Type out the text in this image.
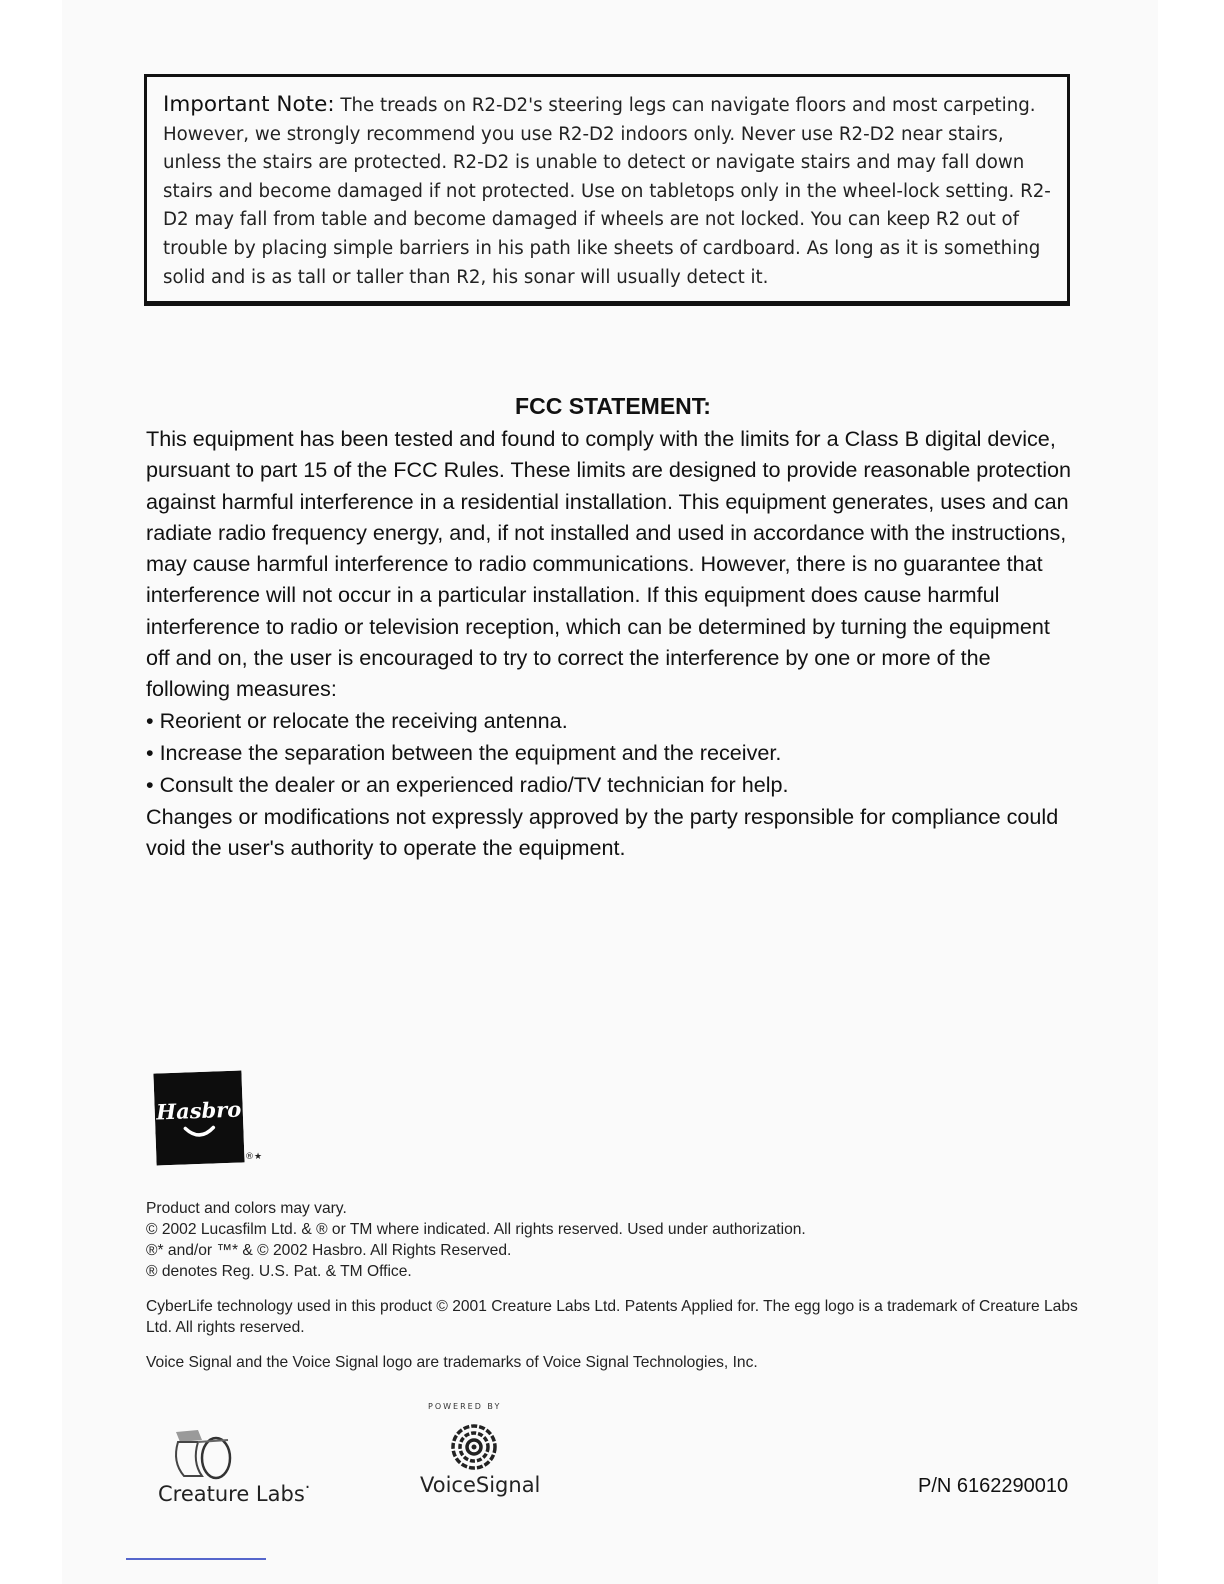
Important Note: The treads on R2-D2's steering legs can navigate floors and most carpeting. However, we strongly recommend you use R2-D2 indoors only. Never use R2-D2 near stairs, unless the stairs are protected. R2-D2 is unable to detect or navigate stairs and may fall down stairs and become damaged if not protected. Use on tabletops only in the wheel-lock setting. R2-D2 may fall from table and become damaged if wheels are not locked. You can keep R2 out of trouble by placing simple barriers in his path like sheets of cardboard. As long as it is something solid and is as tall or taller than R2, his sonar will usually detect it.
FCC STATEMENT:

This equipment has been tested and found to comply with the limits for a Class B digital device, pursuant to part 15 of the FCC Rules. These limits are designed to provide reasonable protection against harmful interference in a residential installation. This equipment generates, uses and can radiate radio frequency energy, and, if not installed and used in accordance with the instructions, may cause harmful interference to radio communications. However, there is no guarantee that interference will not occur in a particular installation. If this equipment does cause harmful interference to radio or television reception, which can be determined by turning the equipment off and on, the user is encouraged to try to correct the interference by one or more of the following measures:

• Reorient or relocate the receiving antenna.
• Increase the separation between the equipment and the receiver.
• Consult the dealer or an experienced radio/TV technician for help.

Changes or modifications not expressly approved by the party responsible for compliance could void the user's authority to operate the equipment.

Hasbro
®★

Product and colors may vary.

© 2002 Lucasfilm Ltd. & ® or TM where indicated. All rights reserved. Used under authorization.

®* and/or ™* & © 2002 Hasbro. All Rights Reserved.

® denotes Reg. U.S. Pat. & TM Office.

CyberLife technology used in this product © 2001 Creature Labs Ltd. Patents Applied for. The egg logo is a trademark of Creature Labs Ltd. All rights reserved.

Voice Signal and the Voice Signal logo are trademarks of Voice Signal Technologies, Inc.

Creature Labs·
POWERED BY
VoiceSignal	P/N 6162290010
